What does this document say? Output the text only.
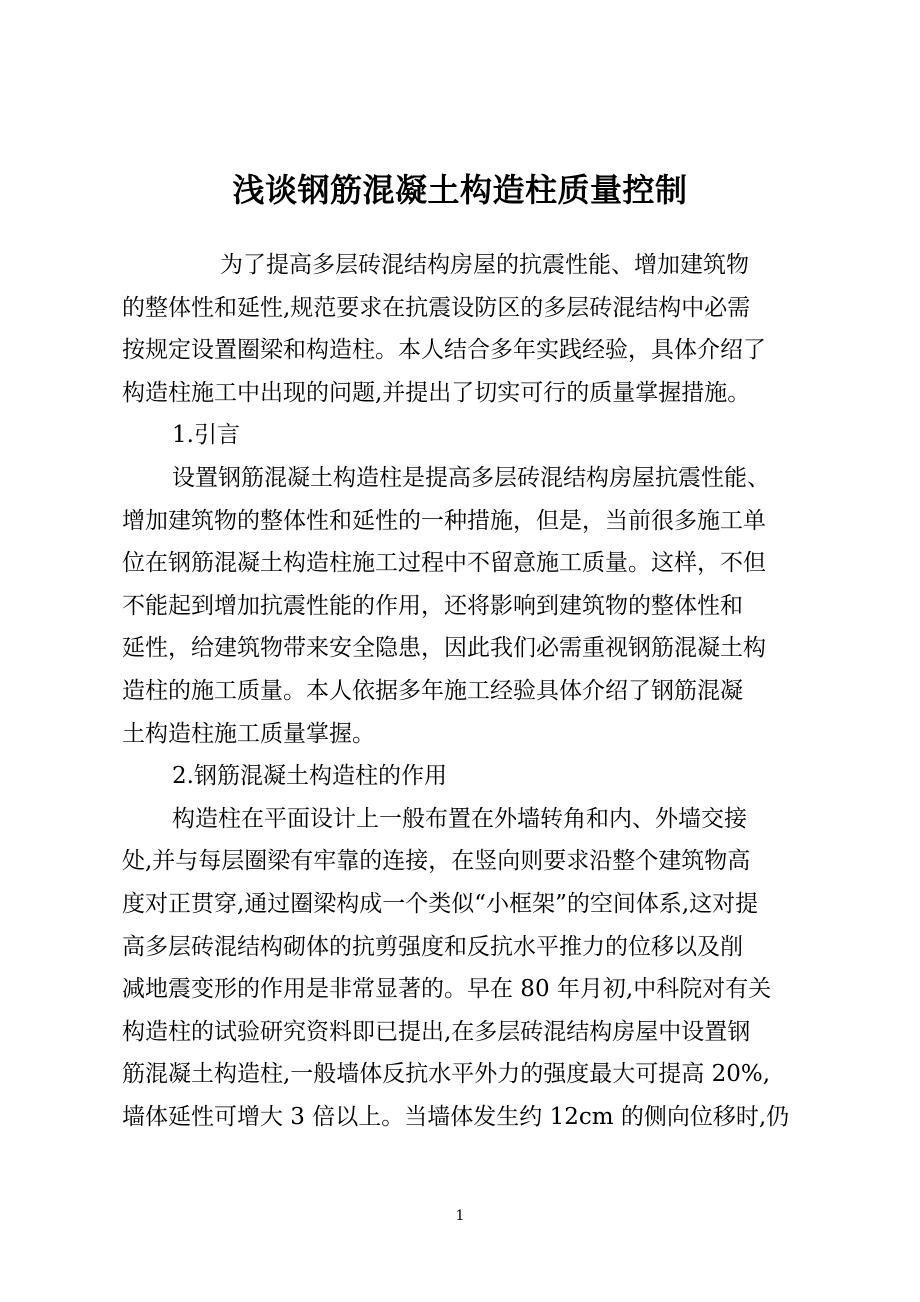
浅谈钢筋混凝土构造柱质量控制
为了提高多层砖混结构房屋的抗震性能、增加建筑物
的整体性和延性,规范要求在抗震设防区的多层砖混结构中必需
按规定设置圈梁和构造柱。本人结合多年实践经验，具体介绍了
构造柱施工中出现的问题,并提出了切实可行的质量掌握措施。
1.引言
设置钢筋混凝土构造柱是提高多层砖混结构房屋抗震性能、
增加建筑物的整体性和延性的一种措施，但是，当前很多施工单
位在钢筋混凝土构造柱施工过程中不留意施工质量。这样，不但
不能起到增加抗震性能的作用，还将影响到建筑物的整体性和
延性，给建筑物带来安全隐患，因此我们必需重视钢筋混凝土构
造柱的施工质量。本人依据多年施工经验具体介绍了钢筋混凝
土构造柱施工质量掌握。
2.钢筋混凝土构造柱的作用
构造柱在平面设计上一般布置在外墙转角和内、外墙交接
处,并与每层圈梁有牢靠的连接，在竖向则要求沿整个建筑物高
度对正贯穿,通过圈梁构成一个类似“小框架”的空间体系,这对提
高多层砖混结构砌体的抗剪强度和反抗水平推力的位移以及削
减地震变形的作用是非常显著的。早在 80 年月初,中科院对有关
构造柱的试验研究资料即已提出,在多层砖混结构房屋中设置钢
筋混凝土构造柱,一般墙体反抗水平外力的强度最大可提高 20%,
墙体延性可增大 3 倍以上。当墙体发生约 12cm 的侧向位移时,仍
1
